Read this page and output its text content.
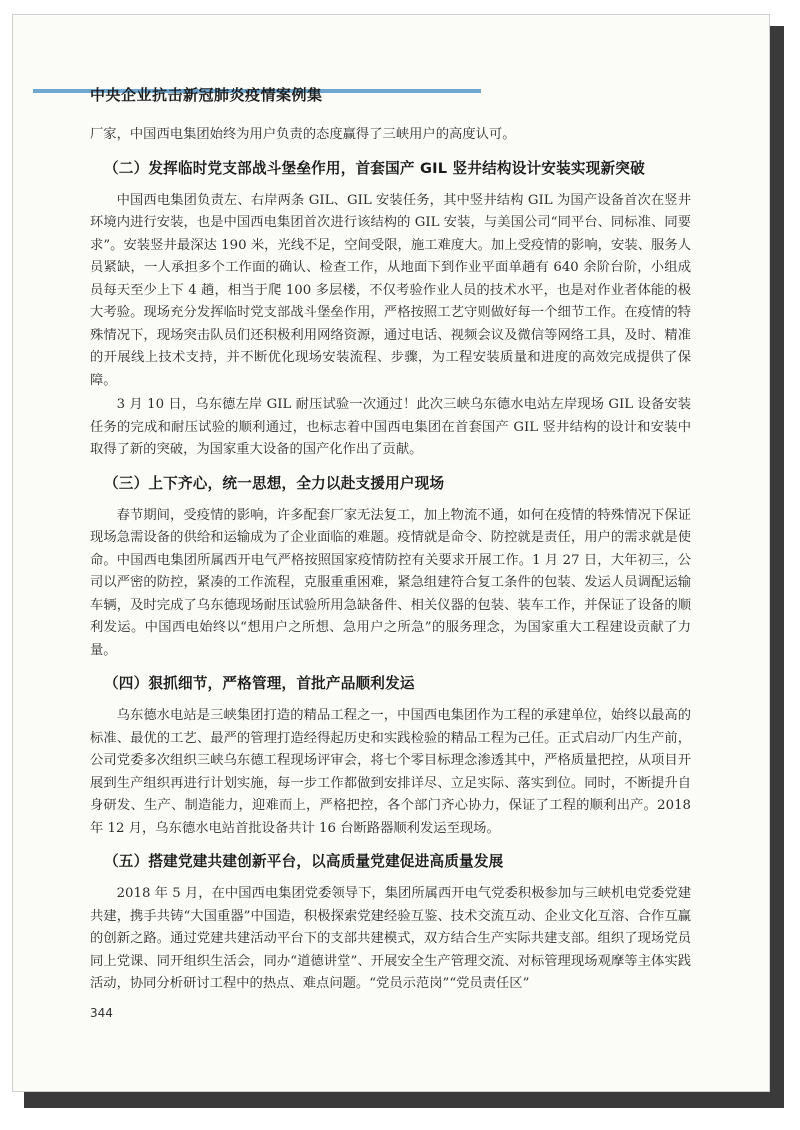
中央企业抗击新冠肺炎疫情案例集

厂家，中国西电集团始终为用户负责的态度赢得了三峡用户的高度认可。

（二）发挥临时党支部战斗堡垒作用，首套国产 GIL 竖井结构设计安装实现新突破

中国西电集团负责左、右岸两条 GIL、GIL 安装任务，其中竖井结构 GIL 为国产设备首次在竖井环境内进行安装，也是中国西电集团首次进行该结构的 GIL 安装，与美国公司“同平台、同标准、同要求”。安装竖井最深达 190 米，光线不足，空间受限，施工难度大。加上受疫情的影响，安装、服务人员紧缺，一人承担多个工作面的确认、检查工作，从地面下到作业平面单趟有 640 余阶台阶，小组成员每天至少上下 4 趟，相当于爬 100 多层楼，不仅考验作业人员的技术水平，也是对作业者体能的极大考验。现场充分发挥临时党支部战斗堡垒作用，严格按照工艺守则做好每一个细节工作。在疫情的特殊情况下，现场突击队员们还积极利用网络资源，通过电话、视频会议及微信等网络工具，及时、精准的开展线上技术支持，并不断优化现场安装流程、步骤，为工程安装质量和进度的高效完成提供了保障。

3 月 10 日，乌东德左岸 GIL 耐压试验一次通过！此次三峡乌东德水电站左岸现场 GIL 设备安装任务的完成和耐压试验的顺利通过，也标志着中国西电集团在首套国产 GIL 竖井结构的设计和安装中取得了新的突破，为国家重大设备的国产化作出了贡献。

（三）上下齐心，统一思想，全力以赴支援用户现场

春节期间，受疫情的影响，许多配套厂家无法复工，加上物流不通，如何在疫情的特殊情况下保证现场急需设备的供给和运输成为了企业面临的难题。疫情就是命令、防控就是责任，用户的需求就是使命。中国西电集团所属西开电气严格按照国家疫情防控有关要求开展工作。1 月 27 日，大年初三，公司以严密的防控，紧凑的工作流程，克服重重困难，紧急组建符合复工条件的包装、发运人员调配运输车辆，及时完成了乌东德现场耐压试验所用急缺备件、相关仪器的包装、装车工作，并保证了设备的顺利发运。中国西电始终以“想用户之所想、急用户之所急”的服务理念，为国家重大工程建设贡献了力量。

（四）狠抓细节，严格管理，首批产品顺利发运

乌东德水电站是三峡集团打造的精品工程之一，中国西电集团作为工程的承建单位，始终以最高的标准、最优的工艺、最严的管理打造经得起历史和实践检验的精品工程为己任。正式启动厂内生产前，公司党委多次组织三峡乌东德工程现场评审会，将七个零目标理念渗透其中，严格质量把控，从项目开展到生产组织再进行计划实施，每一步工作都做到安排详尽、立足实际、落实到位。同时，不断提升自身研发、生产、制造能力，迎难而上，严格把控，各个部门齐心协力，保证了工程的顺利出产。2018 年 12 月，乌东德水电站首批设备共计 16 台断路器顺利发运至现场。

（五）搭建党建共建创新平台，以高质量党建促进高质量发展

2018 年 5 月，在中国西电集团党委领导下，集团所属西开电气党委积极参加与三峡机电党委党建共建，携手共铸“大国重器”中国造，积极探索党建经验互鉴、技术交流互动、企业文化互溶、合作互赢的创新之路。通过党建共建活动平台下的支部共建模式，双方结合生产实际共建支部。组织了现场党员同上党课、同开组织生活会，同办“道德讲堂”、开展安全生产管理交流、对标管理现场观摩等主体实践活动，协同分析研讨工程中的热点、难点问题。“党员示范岗”“党员责任区”

344
